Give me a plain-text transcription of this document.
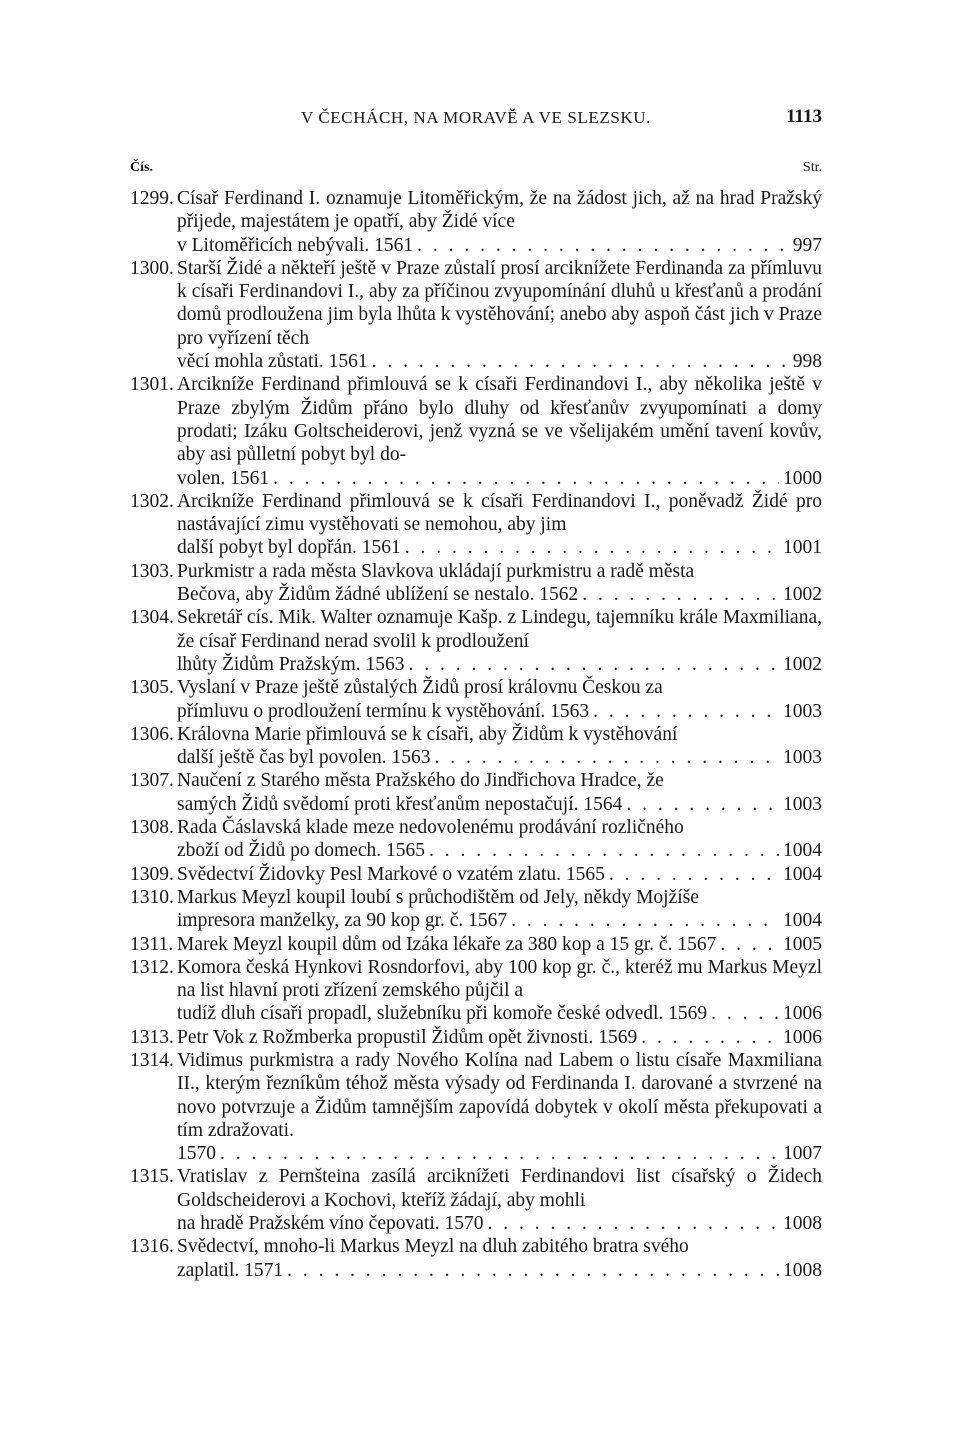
V ČECHÁCH, NA MORAVĚ A VE SLEZSKU.	1113
Čís.	Str.
1299. Císař Ferdinand I. oznamuje Litoměřickým, že na žádost jich, až na hrad Pražský přijede, majestátem je opatří, aby Židé více
v Litoměřicích nebývali. 1561 . . .	997
1300. Starší Židé a někteří ještě v Praze zůstalí prosí arciknížete Ferdinanda za přímluvu k císaři Ferdinandovi I., aby za příčinou zvyupomínání dluhů u křesťanů a prodání domů prodloužena jim byla lhůta k vystěhování; anebo aby aspoň část jich v Praze pro vyřízení těch
věcí mohla zůstati. 1561 . . .	998
1301. Arcikníže Ferdinand přimlouvá se k císaři Ferdinandovi I., aby několika ještě v Praze zbylým Židům přáno bylo dluhy od křesťanův zvyupomínati a domy prodati; Izáku Goltscheiderovi, jenž vyzná se ve všelijakém umění tavení kovův, aby asi půlletní pobyt byl do-
volen. 1561 . . .	1000
1302. Arcikníže Ferdinand přimlouvá se k císaři Ferdinandovi I., poněvadž Židé pro nastávající zimu vystěhovati se nemohou, aby jim
další pobyt byl dopřán. 1561 . . .	1001
1303. Purkmistr a rada města Slavkova ukládají purkmistru a radě města
Bečova, aby Židům žádné ublížení se nestalo. 1562 . . .	1002
1304. Sekretář cís. Mik. Walter oznamuje Kašp. z Lindegu, tajemníku krále Maxmiliana, že císař Ferdinand nerad svolil k prodloužení
lhůty Židům Pražským. 1563 . . .	1002
1305. Vyslaní v Praze ještě zůstalých Židů prosí královnu Českou za
přímluvu o prodloužení termínu k vystěhování. 1563 . . .	1003
1306. Královna Marie přimlouvá se k císaři, aby Židům k vystěhování
další ještě čas byl povolen. 1563 . . .	1003
1307. Naučení z Starého města Pražského do Jindřichova Hradce, že
samých Židů svědomí proti křesťanům nepostačují. 1564 . . .	1003
1308. Rada Čáslavská klade meze nedovolenému prodávání rozličného
zboží od Židů po domech. 1565 . . .	1004
1309. Svědectví Židovky Pesl Markové o vzatém zlatu. 1565 . . .	1004
1310. Markus Meyzl koupil loubí s průchodištěm od Jely, někdy Mojžíše
impresora manželky, za 90 kop gr. č. 1567 . . .	1004
1311. Marek Meyzl koupil dům od Izáka lékaře za 380 kop a 15 gr. č. 1567 . . .	1005
1312. Komora česká Hynkovi Rosndorfovi, aby 100 kop gr. č., kteréž mu Markus Meyzl na list hlavní proti zřízení zemského půjčil a
tudíž dluh císaři propadl, služebníku při komoře české odvedl. 1569 . . .	1006
1313. Petr Vok z Rožmberka propustil Židům opět živnosti. 1569 . . .	1006
1314. Vidimus purkmistra a rady Nového Kolína nad Labem o listu císaře Maxmiliana II., kterým řezníkům téhož města výsady od Ferdinanda I. darované a stvrzené na novo potvrzuje a Židům tamnějším zapovídá dobytek v okolí města překupovati a tím zdražovati.
1570 . . .	1007
1315. Vratislav z Pernšteina zasílá arciknížeti Ferdinandovi list císařský o Židech Goldscheiderovi a Kochovi, kteříž žádají, aby mohli
na hradě Pražském víno čepovati. 1570 . . .	1008
1316. Svědectví, mnoho-li Markus Meyzl na dluh zabitého bratra svého
zaplatil. 1571 . . .	1008
